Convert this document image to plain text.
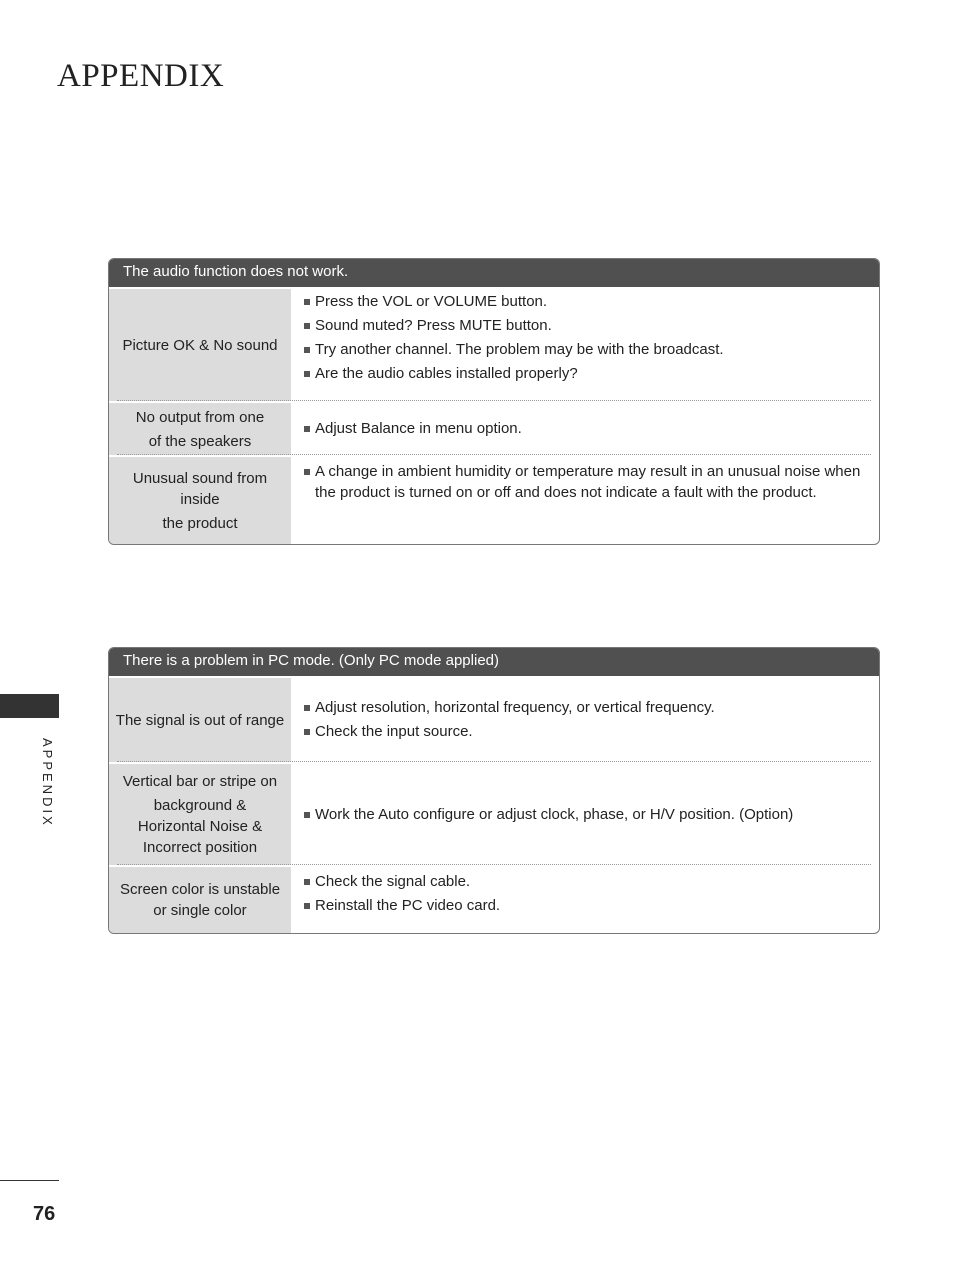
APPENDIX
APPENDIX
The audio function does not work.
Picture OK & No sound
Press the VOL or VOLUME button.
Sound muted? Press MUTE button.
Try another channel. The problem may be with the broadcast.
Are the audio cables installed properly?
No output from one
of the speakers
Adjust Balance in menu option.
Unusual sound from
inside
the product
A change in ambient humidity or temperature may result in an unusual noise when the product is turned on or off and does not indicate a fault with the product.
There is a problem in PC mode. (Only PC mode applied)
The signal is out of range
Adjust resolution, horizontal frequency, or vertical frequency.
Check the input source.
Vertical bar or stripe on
background &
Horizontal Noise &
Incorrect position
Work the Auto configure or adjust clock, phase, or H/V position. (Option)
Screen color is unstable
or single color
Check the signal cable.
Reinstall the PC video card.
76
